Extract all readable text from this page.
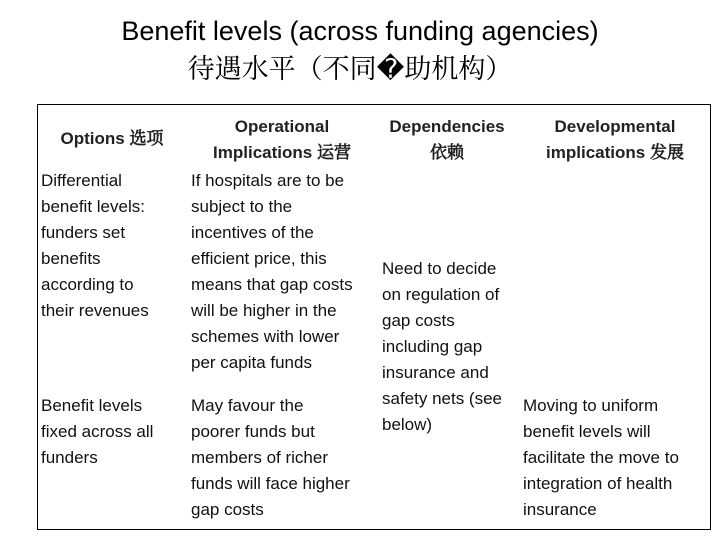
Benefit levels (across funding agencies)
待遇水平（不同�助机构）
Options 选项
Operational
Implications 运营
Dependencies
依赖
Developmental
implications 发展
Differential
benefit levels:
funders set
benefits
according to
their revenues
If hospitals are to be
subject to the
incentives of the
efficient price, this
means that gap costs
will be higher in the
schemes with lower
per capita funds
Need to decide
on regulation of
gap costs
including gap
insurance and
safety nets (see
below)
Benefit levels
fixed across all
funders
May favour the
poorer funds but
members of richer
funds will face higher
gap costs
Moving to uniform
benefit levels will
facilitate the move to
integration of health
insurance
